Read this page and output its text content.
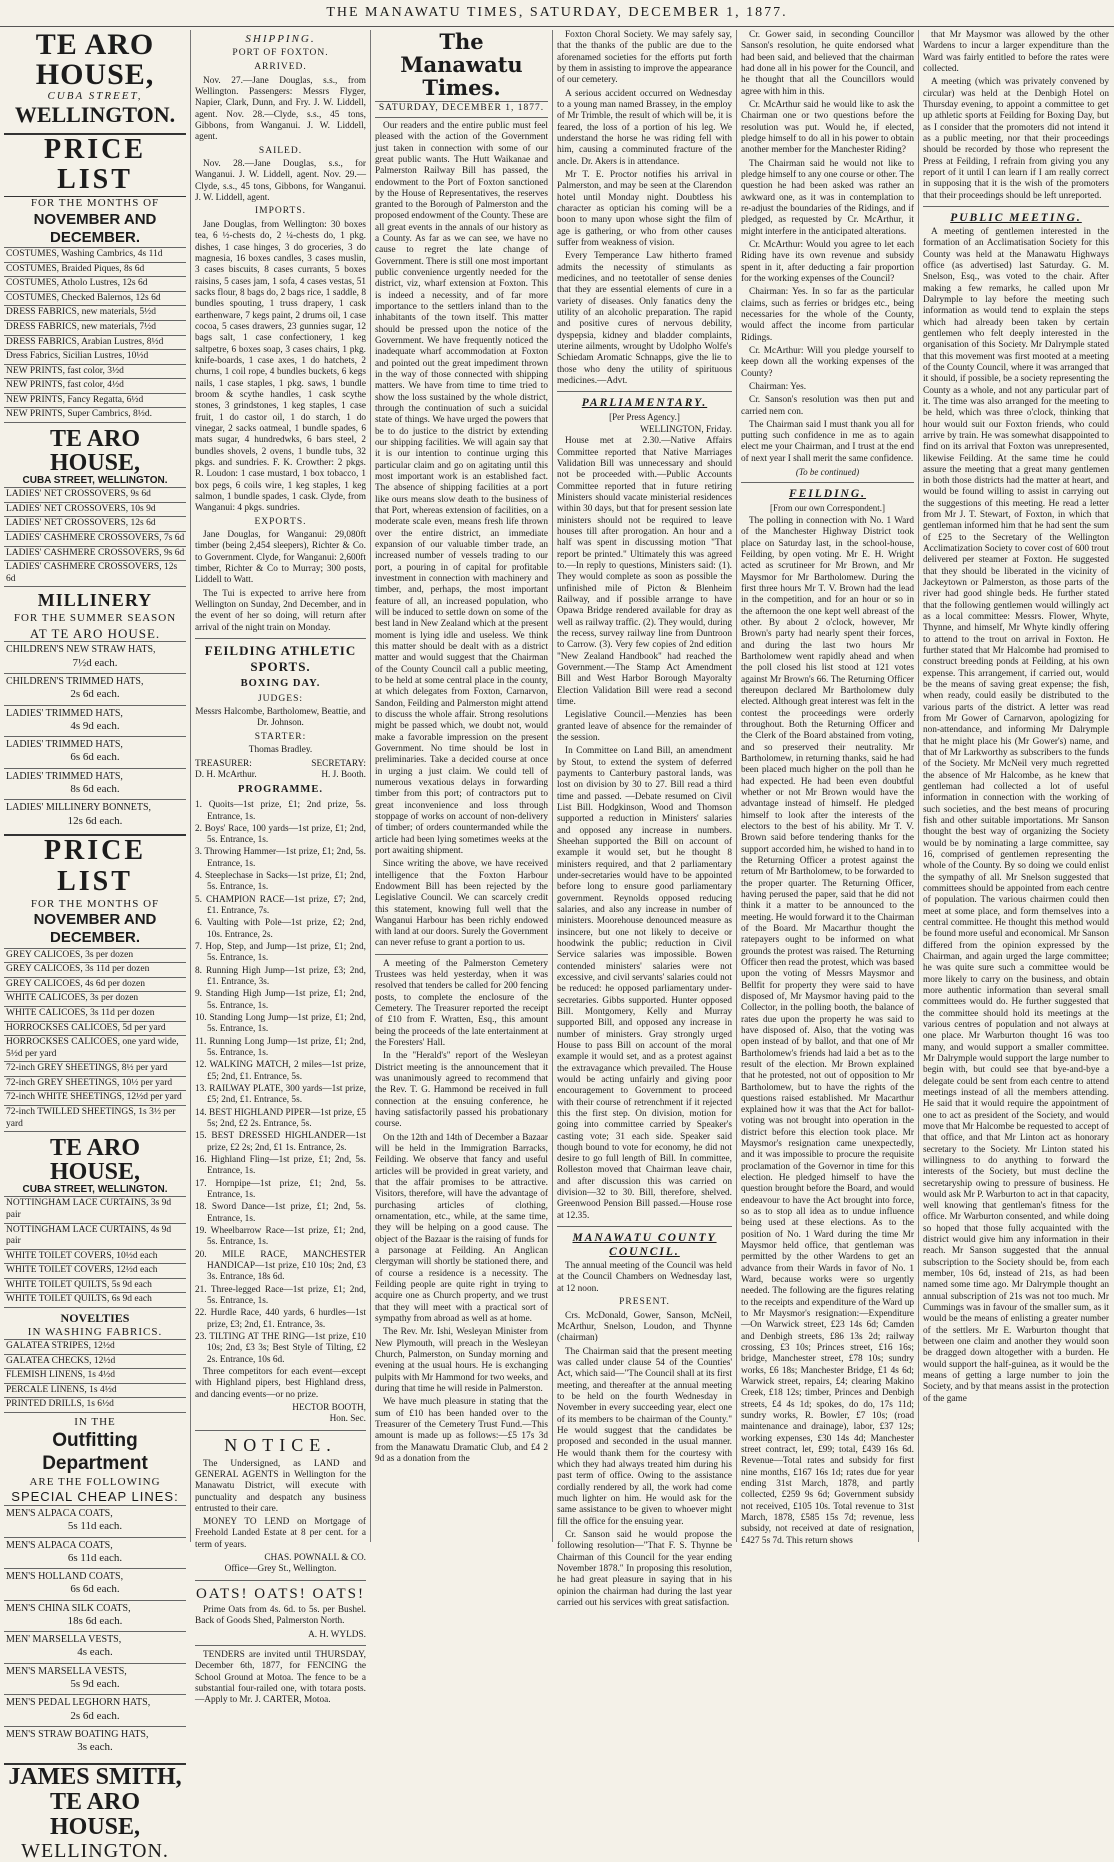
THE MANAWATU TIMES, SATURDAY, DECEMBER 1, 1877.
TE ARO HOUSE,
CUBA STREET,
WELLINGTON.
PRICE LIST
FOR THE MONTHS OF
NOVEMBER AND DECEMBER.
COSTUMES, Washing Cambrics, 4s 11d
COSTUMES, Braided Piques, 8s 6d
COSTUMES, Atholo Lustres, 12s 6d
COSTUMES, Checked Balernos, 12s 6d
DRESS FABRICS, new materials, 5½d
DRESS FABRICS, new materials, 7½d
DRESS FABRICS, Arabian Lustres, 8½d
Dress Fabrics, Sicilian Lustres, 10½d
NEW PRINTS, fast color, 3½d
NEW PRINTS, fast color, 4½d
NEW PRINTS, Fancy Regatta, 6½d
NEW PRINTS, Super Cambrics, 8½d.
TE ARO HOUSE,
CUBA STREET, WELLINGTON.
LADIES' NET CROSSOVERS, 9s 6d
LADIES' NET CROSSOVERS, 10s 9d
LADIES' NET CROSSOVERS, 12s 6d
LADIES' CASHMERE CROSSOVERS, 7s 6d
LADIES' CASHMERE CROSSOVERS, 9s 6d
LADIES' CASHMERE CROSSOVERS, 12s 6d
MILLINERY
FOR THE SUMMER SEASON
AT TE ARO HOUSE.
CHILDREN'S NEW STRAW HATS,
7½d each.
CHILDREN'S TRIMMED HATS,
2s 6d each.
LADIES' TRIMMED HATS,
4s 9d each.
LADIES' TRIMMED HATS,
6s 6d each.
LADIES' TRIMMED HATS,
8s 6d each.
LADIES' MILLINERY BONNETS,
12s 6d each.
PRICE LIST
FOR THE MONTHS OF
NOVEMBER AND DECEMBER.
GREY CALICOES, 3s per dozen
GREY CALICOES, 3s 11d per dozen
GREY CALICOES, 4s 6d per dozen
WHITE CALICOES, 3s per dozen
WHITE CALICOES, 3s 11d per dozen
HORROCKSES CALICOES, 5d per yard
HORROCKSES CALICOES, one yard wide, 5½d per yard
72-inch GREY SHEETINGS, 8½ per yard
72-inch GREY SHEETINGS, 10½ per yard
72-inch WHITE SHEETINGS, 12½d per yard
72-inch TWILLED SHEETINGS, 1s 3½ per yard
TE ARO HOUSE,
CUBA STREET, WELLINGTON.
NOTTINGHAM LACE CURTAINS, 3s 9d pair
NOTTINGHAM LACE CURTAINS, 4s 9d pair
WHITE TOILET COVERS, 10½d each
WHITE TOILET COVERS, 12½d each
WHITE TOILET QUILTS, 5s 9d each
WHITE TOILET QUILTS, 6s 9d each
NOVELTIES
IN WASHING FABRICS.
GALATEA STRIPES, 12½d
GALATEA CHECKS, 12½d
FLEMISH LINENS, 1s 4½d
PERCALE LINENS, 1s 4½d
PRINTED DRILLS, 1s 6½d
IN THE
Outfitting Department
ARE THE FOLLOWING
SPECIAL CHEAP LINES:
MEN'S ALPACA COATS,
5s 11d each.
MEN'S ALPACA COATS,
6s 11d each.
MEN'S HOLLAND COATS,
6s 6d each.
MEN'S CHINA SILK COATS,
18s 6d each.
MEN' MARSELLA VESTS,
4s each.
MEN'S MARSELLA VESTS,
5s 9d each.
MEN'S PEDAL LEGHORN HATS,
2s 6d each.
MEN'S STRAW BOATING HATS,
3s each.
JAMES SMITH,
TE ARO HOUSE,
WELLINGTON.
SHIPPING.
PORT OF FOXTON.
ARRIVED.

Nov. 27.—Jane Douglas, s.s., from Wellington. Passengers: Messrs Flyger, Napier, Clark, Dunn, and Fry. J. W. Liddell, agent. Nov. 28.—Clyde, s.s., 45 tons, Gibbons, from Wanganui. J. W. Liddell, agent.

SAILED.

Nov. 28.—Jane Douglas, s.s., for Wanganui. J. W. Liddell, agent. Nov. 29.—Clyde, s.s., 45 tons, Gibbons, for Wanganui. J. W. Liddell, agent.

IMPORTS.

Jane Douglas, from Wellington: 30 boxes tea, 6 ½-chests do, 2 ¼-chests do, 1 pkg. dishes, 1 case hinges, 3 do groceries, 3 do magnesia, 16 boxes candles, 3 cases muslin, 3 cases biscuits, 8 cases currants, 5 boxes raisins, 5 cases jam, 1 sofa, 4 cases vestas, 51 sacks flour, 8 bags do, 2 bags rice, 1 saddle, 8 bundles spouting, 1 truss drapery, 1 cask earthenware, 7 kegs paint, 2 drums oil, 1 case cocoa, 5 cases drawers, 23 gunnies sugar, 12 bags salt, 1 case confectionery, 1 keg saltpetre, 6 boxes soap, 3 cases chairs, 1 pkg. knife-boards, 1 case axes, 1 do hatchets, 2 churns, 1 coil rope, 4 bundles buckets, 6 kegs nails, 1 case staples, 1 pkg. saws, 1 bundle broom & scythe handles, 1 cask scythe stones, 3 grindstones, 1 keg staples, 1 case fruit, 1 do castor oil, 1 do starch, 1 do vinegar, 2 sacks oatmeal, 1 bundle spades, 6 mats sugar, 4 hundredwks, 6 bars steel, 2 bundles shovels, 2 ovens, 1 bundle tubs, 32 pkgs. and sundries. F. K. Crowther: 2 pkgs. R. Loudon: 1 case mustard, 1 box tobacco, 1 box pegs, 6 coils wire, 1 keg staples, 1 keg salmon, 1 bundle spades, 1 cask. Clyde, from Wanganui: 4 pkgs. sundries.

EXPORTS.

Jane Douglas, for Wanganui: 29,080ft timber (being 2,454 sleepers), Richter & Co. to Government. Clyde, for Wanganui: 2,600ft timber, Richter & Co to Murray; 300 posts, Liddell to Watt.

The Tui is expected to arrive here from Wellington on Sunday, 2nd December, and in the event of her so doing, will return after arrival of the night train on Monday.

FEILDING ATHLETIC SPORTS.
BOXING DAY.
JUDGES:
Messrs Halcombe, Bartholomew, Beattie, and Dr. Johnson.
STARTER:
Thomas Bradley.
TREASURER:	SECRETARY:
D. H. McArthur.	H. J. Booth.
PROGRAMME.
1. Quoits—1st prize, £1; 2nd prize, 5s. Entrance, 1s.
2. Boys' Race, 100 yards—1st prize, £1; 2nd, 5s. Entrance, 1s.
3. Throwing Hammer—1st prize, £1; 2nd, 5s. Entrance, 1s.
4. Steeplechase in Sacks—1st prize, £1; 2nd, 5s. Entrance, 1s.
5. CHAMPION RACE—1st prize, £7; 2nd, £1. Entrance, 7s.
6. Vaulting with Pole—1st prize, £2; 2nd, 10s. Entrance, 2s.
7. Hop, Step, and Jump—1st prize, £1; 2nd, 5s. Entrance, 1s.
8. Running High Jump—1st prize, £3; 2nd, £1. Entrance, 3s.
9. Standing High Jump—1st prize, £1; 2nd, 5s. Entrance, 1s.
10. Standing Long Jump—1st prize, £1; 2nd, 5s. Entrance, 1s.
11. Running Long Jump—1st prize, £1; 2nd, 5s. Entrance, 1s.
12. WALKING MATCH, 2 miles—1st prize, £5; 2nd, £1. Entrance, 5s.
13. RAILWAY PLATE, 300 yards—1st prize, £5; 2nd, £1. Entrance, 5s.
14. BEST HIGHLAND PIPER—1st prize, £5 5s; 2nd, £2 2s. Entrance, 5s.
15. BEST DRESSED HIGHLANDER—1st prize, £2 2s; 2nd, £1 1s. Entrance, 2s.
16. Highland Fling—1st prize, £1; 2nd, 5s. Entrance, 1s.
17. Hornpipe—1st prize, £1; 2nd, 5s. Entrance, 1s.
18. Sword Dance—1st prize, £1; 2nd, 5s. Entrance, 1s.
19. Wheelbarrow Race—1st prize, £1; 2nd, 5s. Entrance, 1s.
20. MILE RACE, MANCHESTER HANDICAP—1st prize, £10 10s; 2nd, £3 3s. Entrance, 18s 6d.
21. Three-legged Race—1st prize, £1; 2nd, 5s. Entrance, 1s.
22. Hurdle Race, 440 yards, 6 hurdles—1st prize, £3; 2nd, £1. Entrance, 3s.
23. TILTING AT THE RING—1st prize, £10 10s; 2nd, £3 3s; Best Style of Tilting, £2 2s. Entrance, 10s 6d.

Three competitors for each event—except with Highland pipers, best Highland dress, and dancing events—or no prize.

HECTOR BOOTH,
Hon. Sec.
NOTICE.

The Undersigned, as LAND and GENERAL AGENTS in Wellington for the Manawatu District, will execute with punctuality and despatch any business entrusted to their care.

MONEY TO LEND on Mortgage of Freehold Landed Estate at 8 per cent. for a term of years.

CHAS. POWNALL & CO.
Office—Grey St., Wellington.
OATS! OATS! OATS!

Prime Oats from 4s. 6d. to 5s. per Bushel. Back of Goods Shed, Palmerston North.

A. H. WYLDS.

TENDERS are invited until THURSDAY, December 6th, 1877, for FENCING the School Ground at Motoa. The fence to be a substantial four-railed one, with totara posts.—Apply to Mr. J. CARTER, Motoa.

The Manawatu Times.
SATURDAY, DECEMBER 1, 1877.

Our readers and the entire public must feel pleased with the action of the Government just taken in connection with some of our great public wants. The Hutt Waikanae and Palmerston Railway Bill has passed, the endowment to the Port of Foxton sanctioned by the House of Representatives, the reserves granted to the Borough of Palmerston and the proposed endowment of the County. These are all great events in the annals of our history as a County. As far as we can see, we have no cause to regret the late change of Government. There is still one most important public convenience urgently needed for the district, viz, wharf extension at Foxton. This is indeed a necessity, and of far more importance to the settlers inland than to the inhabitants of the town itself. This matter should be pressed upon the notice of the Government. We have frequently noticed the inadequate wharf accommodation at Foxton and pointed out the great impediment thrown in the way of those connected with shipping matters. We have from time to time tried to show the loss sustained by the whole district, through the continuation of such a suicidal state of things. We have urged the powers that be to do justice to the district by extending our shipping facilities. We will again say that it is our intention to continue urging this particular claim and go on agitating until this most important work is an established fact. The absence of shipping facilities at a port like ours means slow death to the business of that Port, whereas extension of facilities, on a moderate scale even, means fresh life thrown over the entire district, an immediate expansion of our valuable timber trade, an increased number of vessels trading to our port, a pouring in of capital for profitable investment in connection with machinery and timber, and, perhaps, the most important feature of all, an increased population, who will be induced to settle down on some of the best land in New Zealand which at the present moment is lying idle and useless. We think this matter should be dealt with as a district matter and would suggest that the Chairman of the County Council call a public meeting, to be held at some central place in the county, at which delegates from Foxton, Carnarvon, Sandon, Feilding and Palmerston might attend to discuss the whole affair. Strong resolutions might be passed which, we doubt not, would make a favorable impression on the present Government. No time should be lost in preliminaries. Take a decided course at once in urging a just claim. We could tell of numerous vexatious delays in forwarding timber from this port; of contractors put to great inconvenience and loss through stoppage of works on account of non-delivery of timber; of orders countermanded while the article had been lying sometimes weeks at the port awaiting shipment.

Since writing the above, we have received intelligence that the Foxton Harbour Endowment Bill has been rejected by the Legislative Council. We can scarcely credit this statement, knowing full well that the Wanganui Harbour has been richly endowed with land at our doors. Surely the Government can never refuse to grant a portion to us.

A meeting of the Palmerston Cemetery Trustees was held yesterday, when it was resolved that tenders be called for 200 fencing posts, to complete the enclosure of the Cemetery. The Treasurer reported the receipt of £10 from F. Wratten, Esq., this amount being the proceeds of the late entertainment at the Foresters' Hall.

In the "Herald's" report of the Wesleyan District meeting is the announcement that it was unanimously agreed to recommend that the Rev. T. G. Hammond be received in full connection at the ensuing conference, he having satisfactorily passed his probationary course.

On the 12th and 14th of December a Bazaar will be held in the Immigration Barracks, Feilding. We observe that fancy and useful articles will be provided in great variety, and that the affair promises to be attractive. Visitors, therefore, will have the advantage of purchasing articles of clothing, ornamentation, etc., while, at the same time, they will be helping on a good cause. The object of the Bazaar is the raising of funds for a parsonage at Feilding. An Anglican clergyman will shortly be stationed there, and of course a residence is a necessity. The Feilding people are quite right in trying to acquire one as Church property, and we trust that they will meet with a practical sort of sympathy from abroad as well as at home.

The Rev. Mr. Ishi, Wesleyan Minister from New Plymouth, will preach in the Wesleyan Church, Palmerston, on Sunday morning and evening at the usual hours. He is exchanging pulpits with Mr Hammond for two weeks, and during that time he will reside in Palmerston.

We have much pleasure in stating that the sum of £10 has been handed over to the Treasurer of the Cemetery Trust Fund.—This amount is made up as follows:—£5 17s 3d from the Manawatu Dramatic Club, and £4 2 9d as a donation from the

Foxton Choral Society. We may safely say, that the thanks of the public are due to the aforenamed societies for the efforts put forth by them in assisting to improve the appearance of our cemetery.

A serious accident occurred on Wednesday to a young man named Brassey, in the employ of Mr Trimble, the result of which will be, it is feared, the loss of a portion of his leg. We understand the horse he was riding fell with him, causing a comminuted fracture of the ancle. Dr. Akers is in attendance.

Mr T. E. Proctor notifies his arrival in Palmerston, and may be seen at the Clarendon hotel until Monday night. Doubtless his character as optician his coming will be a boon to many upon whose sight the film of age is gathering, or who from other causes suffer from weakness of vision.

Every Temperance Law hitherto framed admits the necessity of stimulants as medicines, and no teetotaller of sense denies that they are essential elements of cure in a variety of diseases. Only fanatics deny the utility of an alcoholic preparation. The rapid and positive cures of nervous debility, dyspepsia, kidney and bladder complaints, uterine ailments, wrought by Udolpho Wolfe's Schiedam Aromatic Schnapps, give the lie to those who deny the utility of spirituous medicines.—Advt.

PARLIAMENTARY.
[Per Press Agency.]
WELLINGTON, Friday.

House met at 2.30.—Native Affairs Committee reported that Native Marriages Validation Bill was unnecessary and should not be proceeded with.—Public Accounts Committee reported that in future retiring Ministers should vacate ministerial residences within 30 days, but that for present session late ministers should not be required to leave houses till after prorogation. An hour and a half was spent in discussing motion "That report be printed." Ultimately this was agreed to.—In reply to questions, Ministers said: (1). They would complete as soon as possible the unfinished mile of Picton & Blenheim Railway, and if possible arrange to have Opawa Bridge rendered available for dray as well as railway traffic. (2). They would, during the recess, survey railway line from Duntroon to Carrow. (3). Very few copies of 2nd edition "New Zealand Handbook" had reached the Government.—The Stamp Act Amendment Bill and West Harbor Borough Mayoralty Election Validation Bill were read a second time.

Legislative Council.—Menzies has been granted leave of absence for the remainder of the session.

In Committee on Land Bill, an amendment by Stout, to extend the system of deferred payments to Canterbury pastoral lands, was lost on division by 30 to 27. Bill read a third time and passed. —Debate resumed on Civil List Bill. Hodgkinson, Wood and Thomson supported a reduction in Ministers' salaries and opposed any increase in numbers. Sheehan supported the Bill on account of example it would set, but he thought 8 ministers required, and that 2 parliamentary under-secretaries would have to be appointed before long to ensure good parliamentary government. Reynolds opposed reducing salaries, and also any increase in number of ministers. Moorehouse denounced measure as insincere, but one not likely to deceive or hoodwink the public; reduction in Civil Service salaries was impossible. Bowen contended ministers' salaries were not excessive, and civil servants' salaries could not be reduced: he opposed parliamentary under-secretaries. Gibbs supported. Hunter opposed Bill. Montgomery, Kelly and Murray supported Bill, and opposed any increase in number of ministers. Gray strongly urged House to pass Bill on account of the moral example it would set, and as a protest against the extravagance which prevailed. The House would be acting unfairly and giving poor encouragement to Government to proceed with their course of retrenchment if it rejected this the first step. On division, motion for going into committee carried by Speaker's casting vote; 31 each side. Speaker said though bound to vote for economy, he did not desire to go full length of Bill. In committee, Rolleston moved that Chairman leave chair, and after discussion this was carried on division—32 to 30. Bill, therefore, shelved. Greenwood Pension Bill passed.—House rose at 12.35.

MANAWATU COUNTY COUNCIL.

The annual meeting of the Council was held at the Council Chambers on Wednesday last, at 12 noon.

PRESENT.

Crs. McDonald, Gower, Sanson, McNeil, McArthur, Snelson, Loudon, and Thynne (chairman)

The Chairman said that the present meeting was called under clause 54 of the Counties' Act, which said—"The Council shall at its first meeting, and thereafter at the annual meeting to be held on the fourth Wednesday in November in every succeeding year, elect one of its members to be chairman of the County." He would suggest that the candidates be proposed and seconded in the usual manner. He would thank them for the courtesy with which they had always treated him during his past term of office. Owing to the assistance cordially rendered by all, the work had come much lighter on him. He would ask for the same assistance to be given to whoever might fill the office for the ensuing year.

Cr. Sanson said he would propose the following resolution—"That F. S. Thynne be Chairman of this Council for the year ending November 1878." In proposing this resolution, he had great pleasure in saying that in his opinion the chairman had during the last year carried out his services with great satisfaction.

Cr. Gower said, in seconding Councillor Sanson's resolution, he quite endorsed what had been said, and believed that the chairman had done all in his power for the Council, and he thought that all the Councillors would agree with him in this.

Cr. McArthur said he would like to ask the Chairman one or two questions before the resolution was put. Would he, if elected, pledge himself to do all in his power to obtain another member for the Manchester Riding?

The Chairman said he would not like to pledge himself to any one course or other. The question he had been asked was rather an awkward one, as it was in contemplation to re-adjust the boundaries of the Ridings, and if pledged, as requested by Cr. McArthur, it might interfere in the anticipated alterations.

Cr. McArthur: Would you agree to let each Riding have its own revenue and subsidy spent in it, after deducting a fair proportion for the working expenses of the Council?

Chairman: Yes. In so far as the particular claims, such as ferries or bridges etc., being necessaries for the whole of the County, would affect the income from particular Ridings.

Cr. McArthur: Will you pledge yourself to keep down all the working expenses of the County?

Chairman: Yes.

Cr. Sanson's resolution was then put and carried nem con.

The Chairman said I must thank you all for putting such confidence in me as to again elect me your Chairman, and I trust at the end of next year I shall merit the same confidence.

(To be continued)
FEILDING.
[From our own Correspondent.]

The polling in connection with No. 1 Ward of the Manchester Highway District took place on Saturday last, in the school-house, Feilding, by open voting. Mr E. H. Wright acted as scrutineer for Mr Brown, and Mr Maysmor for Mr Bartholomew. During the first three hours Mr T. V. Brown had the lead in the competition, and for an hour or so in the afternoon the one kept well abreast of the other. By about 2 o'clock, however, Mr Brown's party had nearly spent their forces, and during the last two hours Mr Bartholomew went rapidly ahead and when the poll closed his list stood at 121 votes against Mr Brown's 66. The Returning Officer thereupon declared Mr Bartholomew duly elected. Although great interest was felt in the contest the proceedings were orderly throughout. Both the Returning Officer and the Clerk of the Board abstained from voting, and so preserved their neutrality. Mr Bartholomew, in returning thanks, said he had been placed much higher on the poll than he had expected. He had been even doubtful whether or not Mr Brown would have the advantage instead of himself. He pledged himself to look after the interests of the electors to the best of his ability. Mr T. V. Brown said before tendering thanks for the support accorded him, he wished to hand in to the Returning Officer a protest against the return of Mr Bartholomew, to be forwarded to the proper quarter. The Returning Officer, having perused the paper, said that he did not think it a matter to be announced to the meeting. He would forward it to the Chairman of the Board. Mr Macarthur thought the ratepayers ought to be informed on what grounds the protest was raised. The Returning Officer then read the protest, which was based upon the voting of Messrs Maysmor and Bellfit for property they were said to have disposed of, Mr Maysmor having paid to the Collector, in the polling booth, the balance of rates due upon the property he was said to have disposed of. Also, that the voting was open instead of by ballot, and that one of Mr Bartholomew's friends had laid a bet as to the result of the election. Mr Brown explained that he protested, not out of opposition to Mr Bartholomew, but to have the rights of the questions raised established. Mr Macarthur explained how it was that the Act for ballot-voting was not brought into operation in the district before this election took place. Mr Maysmor's resignation came unexpectedly, and it was impossible to procure the requisite proclamation of the Governor in time for this election. He pledged himself to have the question brought before the Board, and would endeavour to have the Act brought into force, so as to stop all idea as to undue influence being used at these elections. As to the position of No. 1 Ward during the time Mr Maysmor held office, that gentleman was permitted by the other Wardens to get an advance from their Wards in favor of No. 1 Ward, because works were so urgently needed. The following are the figures relating to the receipts and expenditure of the Ward up to Mr Maysmor's resignation:—Expenditure—On Warwick street, £23 14s 6d; Camden and Denbigh streets, £86 13s 2d; railway crossing, £3 10s; Princes street, £16 16s; bridge, Manchester street, £78 10s; sundry works, £6 18s; Manchester Bridge, £1 4s 6d; Warwick street, repairs, £4; clearing Makino Creek, £18 12s; timber, Princes and Denbigh streets, £4 4s 1d; spokes, do do, 17s 11d; sundry works, R. Bowler, £7 10s; (road maintenance and drainage), labor, £37 12s; working expenses, £30 14s 4d; Manchester street contract, let, £99; total, £439 16s 6d. Revenue—Total rates and subsidy for first nine months, £167 16s 1d; rates due for year ending 31st March, 1878, and partly collected, £259 9s 6d; Government subsidy not received, £105 10s. Total revenue to 31st March, 1878, £585 15s 7d; revenue, less subsidy, not received at date of resignation, £427 5s 7d. This return shows

that Mr Maysmor was allowed by the other Wardens to incur a larger expenditure than the Ward was fairly entitled to before the rates were collected.

A meeting (which was privately convened by circular) was held at the Denbigh Hotel on Thursday evening, to appoint a committee to get up athletic sports at Feilding for Boxing Day, but as I consider that the promoters did not intend it as a public meeting, nor that their proceedings should be recorded by those who represent the Press at Feilding, I refrain from giving you any report of it until I can learn if I am really correct in supposing that it is the wish of the promoters that their proceedings should be left unreported.

PUBLIC MEETING.

A meeting of gentlemen interested in the formation of an Acclimatisation Society for this County was held at the Manawatu Highways office (as advertised) last Saturday. G. M. Snelson, Esq., was voted to the chair. After making a few remarks, he called upon Mr Dalrymple to lay before the meeting such information as would tend to explain the steps which had already been taken by certain gentlemen who felt deeply interested in the organisation of this Society. Mr Dalrymple stated that this movement was first mooted at a meeting of the County Council, where it was arranged that it should, if possible, be a society representing the County as a whole, and not any particular part of it. The time was also arranged for the meeting to be held, which was three o'clock, thinking that hour would suit our Foxton friends, who could arrive by train. He was somewhat disappointed to find on its arrival that Foxton was unrepresented, likewise Feilding. At the same time he could assure the meeting that a great many gentlemen in both those districts had the matter at heart, and would be found willing to assist in carrying out the suggestions of this meeting. He read a letter from Mr J. T. Stewart, of Foxton, in which that gentleman informed him that he had sent the sum of £25 to the Secretary of the Wellington Acclimatization Society to cover cost of 600 trout delivered per steamer at Foxton. He suggested that they should be liberated in the vicinity of Jackeytown or Palmerston, as those parts of the river had good shingle beds. He further stated that the following gentlemen would willingly act as a local committee: Messrs. Flower, Whyte, Thynne, and himself, Mr Whyte kindly offering to attend to the trout on arrival in Foxton. He further stated that Mr Halcombe had promised to construct breeding ponds at Feilding, at his own expense. This arrangement, if carried out, would be the means of saving great expense; the fish, when ready, could easily be distributed to the various parts of the district. A letter was read from Mr Gower of Carnarvon, apologizing for non-attendance, and informing Mr Dalrymple that he might place his (Mr Gower's) name, and that of Mr Larkworthy as subscribers to the funds of the Society. Mr McNeil very much regretted the absence of Mr Halcombe, as he knew that gentleman had collected a lot of useful information in connection with the working of such societies, and the best means of procuring fish and other suitable importations. Mr Sanson thought the best way of organizing the Society would be by nominating a large committee, say 16, comprised of gentlemen representing the whole of the County. By so doing we could enlist the sympathy of all. Mr Snelson suggested that committees should be appointed from each centre of population. The various chairmen could then meet at some place, and form themselves into a central committee. He thought this method would be found more useful and economical. Mr Sanson differed from the opinion expressed by the Chairman, and again urged the large committee; he was quite sure such a committee would be more likely to carry on the business, and obtain more authentic information than several small committees would do. He further suggested that the committee should hold its meetings at the various centres of population and not always at one place. Mr Warburton thought 16 was too many, and would support a smaller committee. Mr Dalrymple would support the large number to begin with, but could see that bye-and-bye a delegate could be sent from each centre to attend meetings instead of all the members attending. He said that it would require the appointment of one to act as president of the Society, and would move that Mr Halcombe be requested to accept of that office, and that Mr Linton act as honorary secretary to the Society. Mr Linton stated his willingness to do anything to forward the interests of the Society, but must decline the secretaryship owing to pressure of business. He would ask Mr P. Warburton to act in that capacity, well knowing that gentleman's fitness for the office. Mr Warburton consented, and while doing so hoped that those fully acquainted with the district would give him any information in their reach. Mr Sanson suggested that the annual subscription to the Society should be, from each member, 10s 6d, instead of 21s, as had been named some time ago. Mr Dalrymple thought an annual subscription of 21s was not too much. Mr Cummings was in favour of the smaller sum, as it would be the means of enlisting a greater number of the settlers. Mr E. Warburton thought that between one claim and another they would soon be dragged down altogether with a burden. He would support the half-guinea, as it would be the means of getting a large number to join the Society, and by that means assist in the protection of the game
